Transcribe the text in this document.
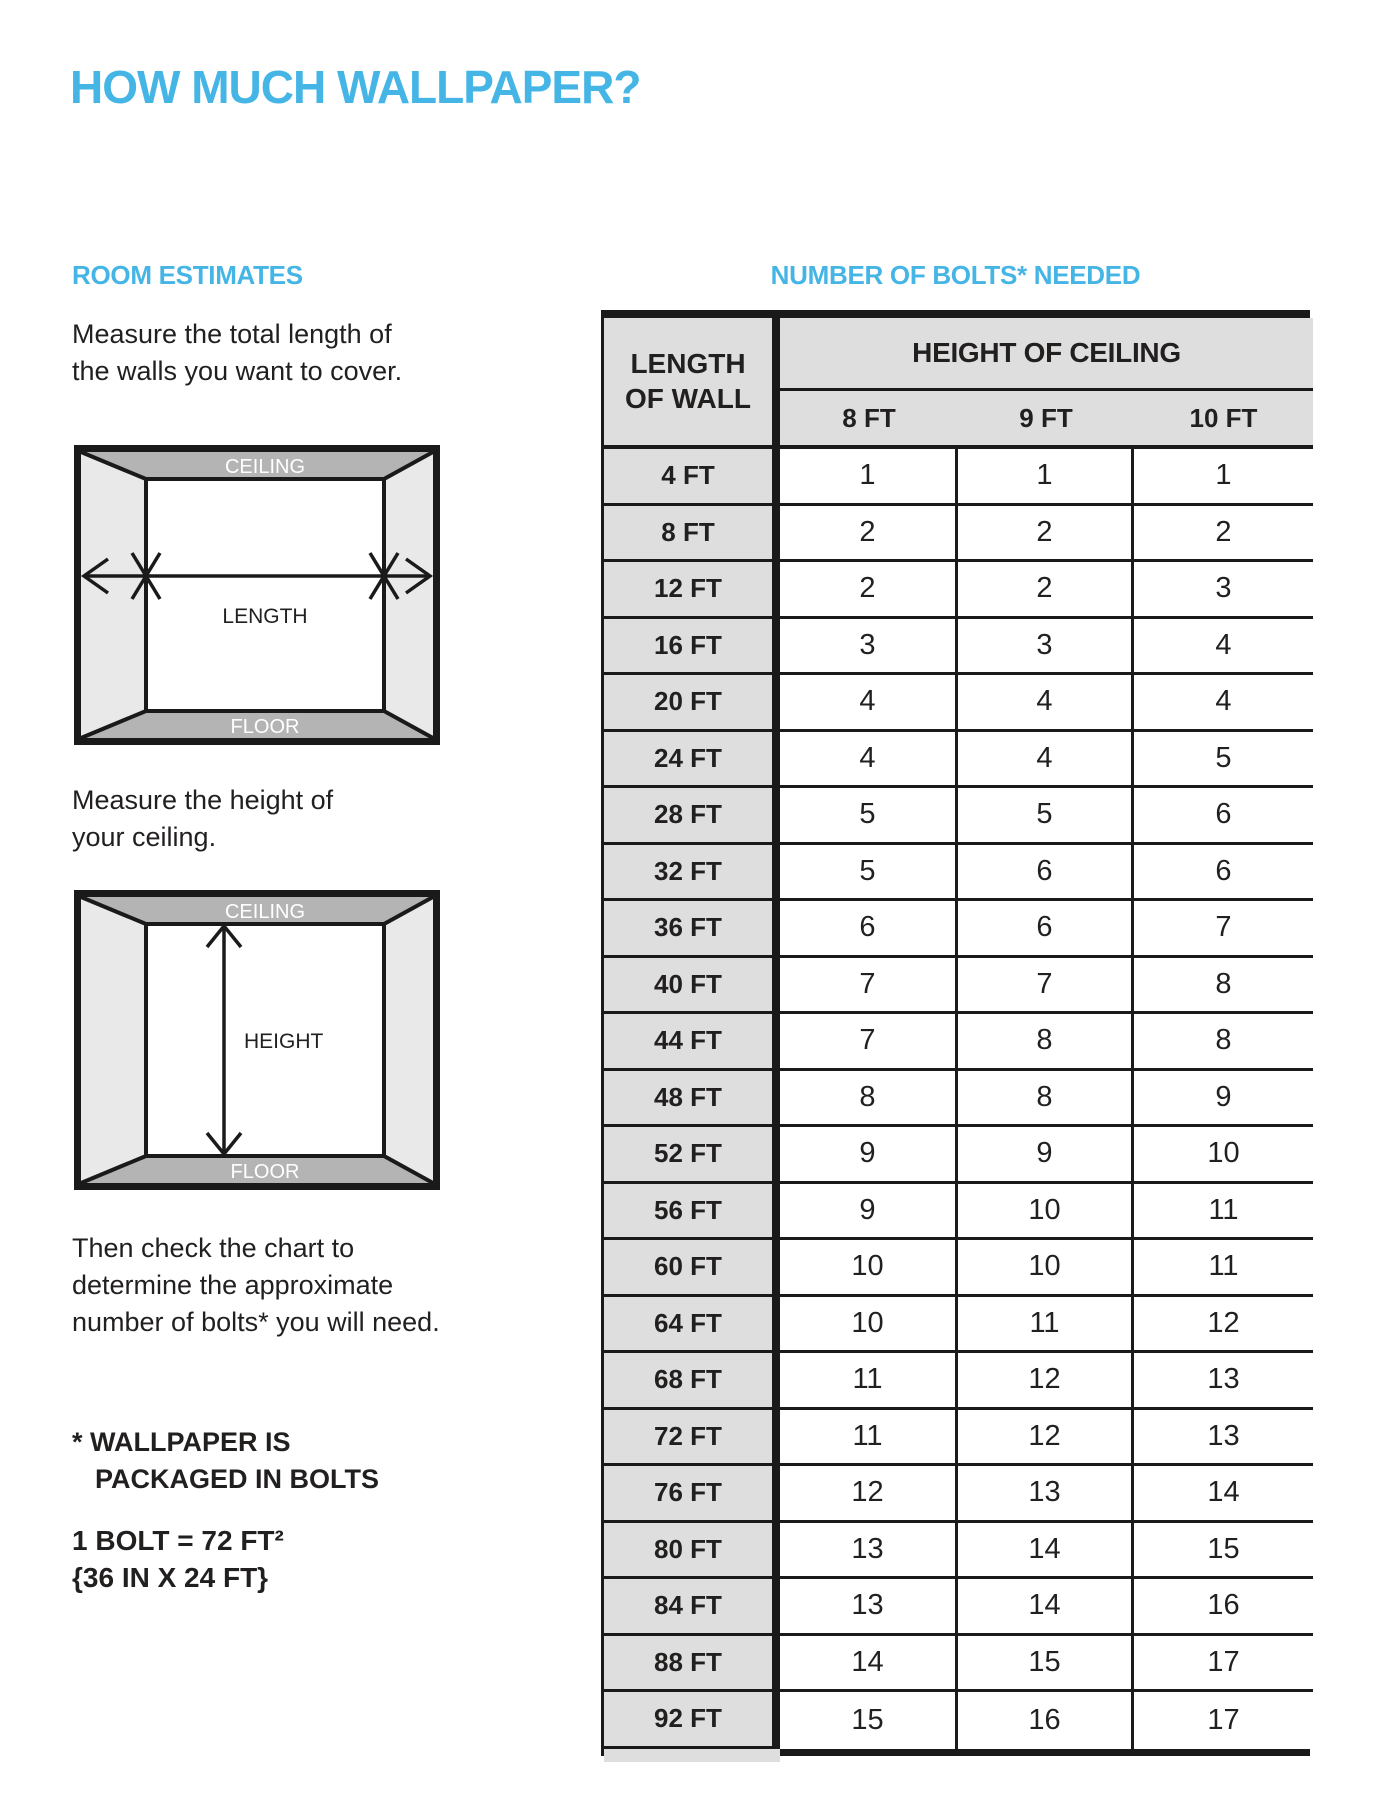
HOW MUCH WALLPAPER?
ROOM ESTIMATES

Measure the total length of
the walls you want to cover.

CEILING
FLOOR
LENGTH

Measure the height of
your ceiling.

CEILING
FLOOR
HEIGHT

Then check the chart to
determine the approximate
number of bolts* you will need.

* WALLPAPER IS
PACKAGED IN BOLTS
1 BOLT = 72 FT²
{36 IN X 24 FT}
NUMBER OF BOLTS* NEEDED
LENGTH OF WALL
HEIGHT OF CEILING
8 FT	9 FT	10 FT
4 FT	1	1	1
8 FT	2	2	2
12 FT	2	2	3
16 FT	3	3	4
20 FT	4	4	4
24 FT	4	4	5
28 FT	5	5	6
32 FT	5	6	6
36 FT	6	6	7
40 FT	7	7	8
44 FT	7	8	8
48 FT	8	8	9
52 FT	9	9	10
56 FT	9	10	11
60 FT	10	10	11
64 FT	10	11	12
68 FT	11	12	13
72 FT	11	12	13
76 FT	12	13	14
80 FT	13	14	15
84 FT	13	14	16
88 FT	14	15	17
92 FT	15	16	17
